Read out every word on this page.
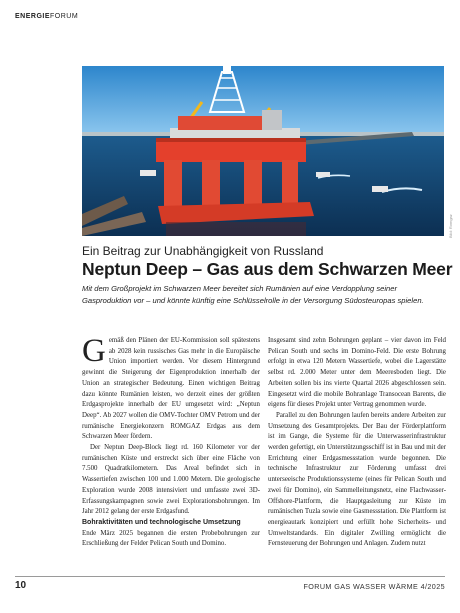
ENERGIEFORUM
Bild: Romgaz
Ein Beitrag zur Unabhängigkeit von Russland
Neptun Deep – Gas aus dem Schwarzen Meer
Mit dem Großprojekt im Schwarzen Meer bereitet sich Rumänien auf eine Verdopplung seiner Gasproduktion vor – und könnte künftig eine Schlüsselrolle in der Versorgung Südosteuropas spielen.

Gemäß den Plänen der EU-Kommission soll spätestens ab 2028 kein russisches Gas mehr in die Europäische Union importiert werden. Vor diesem Hintergrund gewinnt die Steigerung der Eigenproduktion innerhalb der Union an strategischer Bedeutung. Einen wichtigen Beitrag dazu könnte Rumänien leisten, wo derzeit eines der größten Erdgasprojekte innerhalb der EU umgesetzt wird: „Neptun Deep“. Ab 2027 wollen die OMV-Tochter OMV Petrom und der rumänische Energiekonzern ROMGAZ Erdgas aus dem Schwarzen Meer fördern.

Der Neptun Deep-Block liegt rd. 160 Kilometer vor der rumänischen Küste und erstreckt sich über eine Fläche von 7.500 Quadratkilometern. Das Areal befindet sich in Wassertiefen zwischen 100 und 1.000 Metern. Die geologische Exploration wurde 2008 intensiviert und umfasste zwei 3D-Erfassungskampagnen sowie zwei Explorationsbohrungen. Im Jahr 2012 gelang der erste Erdgasfund.

Bohraktivitäten und technologische Umsetzung

Ende März 2025 begannen die ersten Probebohrungen zur Erschließung der Felder Pelican South und Domino.

Insgesamt sind zehn Bohrungen geplant – vier davon im Feld Pelican South und sechs im Domino-Feld. Die erste Bohrung erfolgt in etwa 120 Metern Wassertiefe, wobei die Lagerstätte selbst rd. 2.000 Meter unter dem Meeresboden liegt. Die Arbeiten sollen bis ins vierte Quartal 2026 abgeschlossen sein. Eingesetzt wird die mobile Bohranlage Transocean Barents, die eigens für dieses Projekt unter Vertrag genommen wurde.

Parallel zu den Bohrungen laufen bereits andere Arbeiten zur Umsetzung des Gesamtprojekts. Der Bau der Förderplattform ist im Gange, die Systeme für die Unterwasserinfrastruktur werden gefertigt, ein Unterstützungsschiff ist in Bau und mit der Errichtung einer Erdgasmessstation wurde begonnen. Die technische Infrastruktur zur Förderung umfasst drei unterseeische Produktionssysteme (eines für Pelican South und zwei für Domino), ein Sammelleitungsnetz, eine Flachwasser-Offshore-Plattform, die Hauptgasleitung zur Küste im rumänischen Tuzla sowie eine Gasmessstation. Die Plattform ist energieautark konzipiert und erfüllt hohe Sicherheits- und Umweltstandards. Ein digitaler Zwilling ermöglicht die Fernsteuerung der Bohrungen und Anlagen. Zudem nutzt

10	FORUM GAS WASSER WÄRME 4/2025
